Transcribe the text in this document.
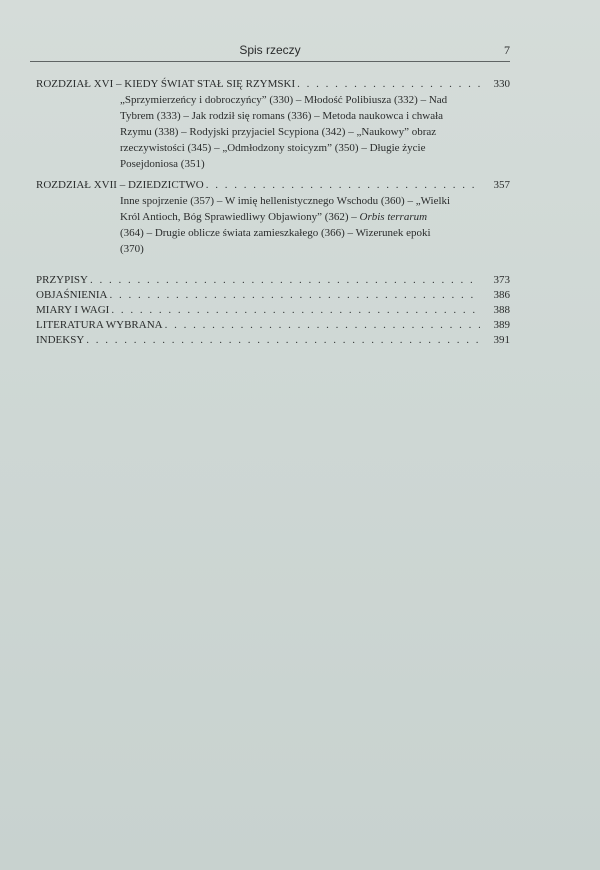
Spis rzeczy	7
ROZDZIAŁ XVI – KIEDY ŚWIAT STAŁ SIĘ RZYMSKI . . .	330
„Sprzymierzeńcy i dobroczyńcy” (330) – Młodość Polibiusza (332) – Nad
Tybrem (333) – Jak rodził się romans (336) – Metoda naukowca i chwała
Rzymu (338) – Rodyjski przyjaciel Scypiona (342) – „Naukowy” obraz
rzeczywistości (345) – „Odmłodzony stoicyzm” (350) – Długie życie
Posejdoniosa (351)
ROZDZIAŁ XVII – DZIEDZICTWO . . .	357
Inne spojrzenie (357) – W imię hellenistycznego Wschodu (360) – „Wielki
Król Antioch, Bóg Sprawiedliwy Objawiony” (362) – Orbis terrarum
(364) – Drugie oblicze świata zamieszkałego (366) – Wizerunek epoki
(370)
PRZYPISY . . .	373
OBJAŚNIENIA . . .	386
MIARY I WAGI . . .	388
LITERATURA WYBRANA . . .	389
INDEKSY . . .	391
